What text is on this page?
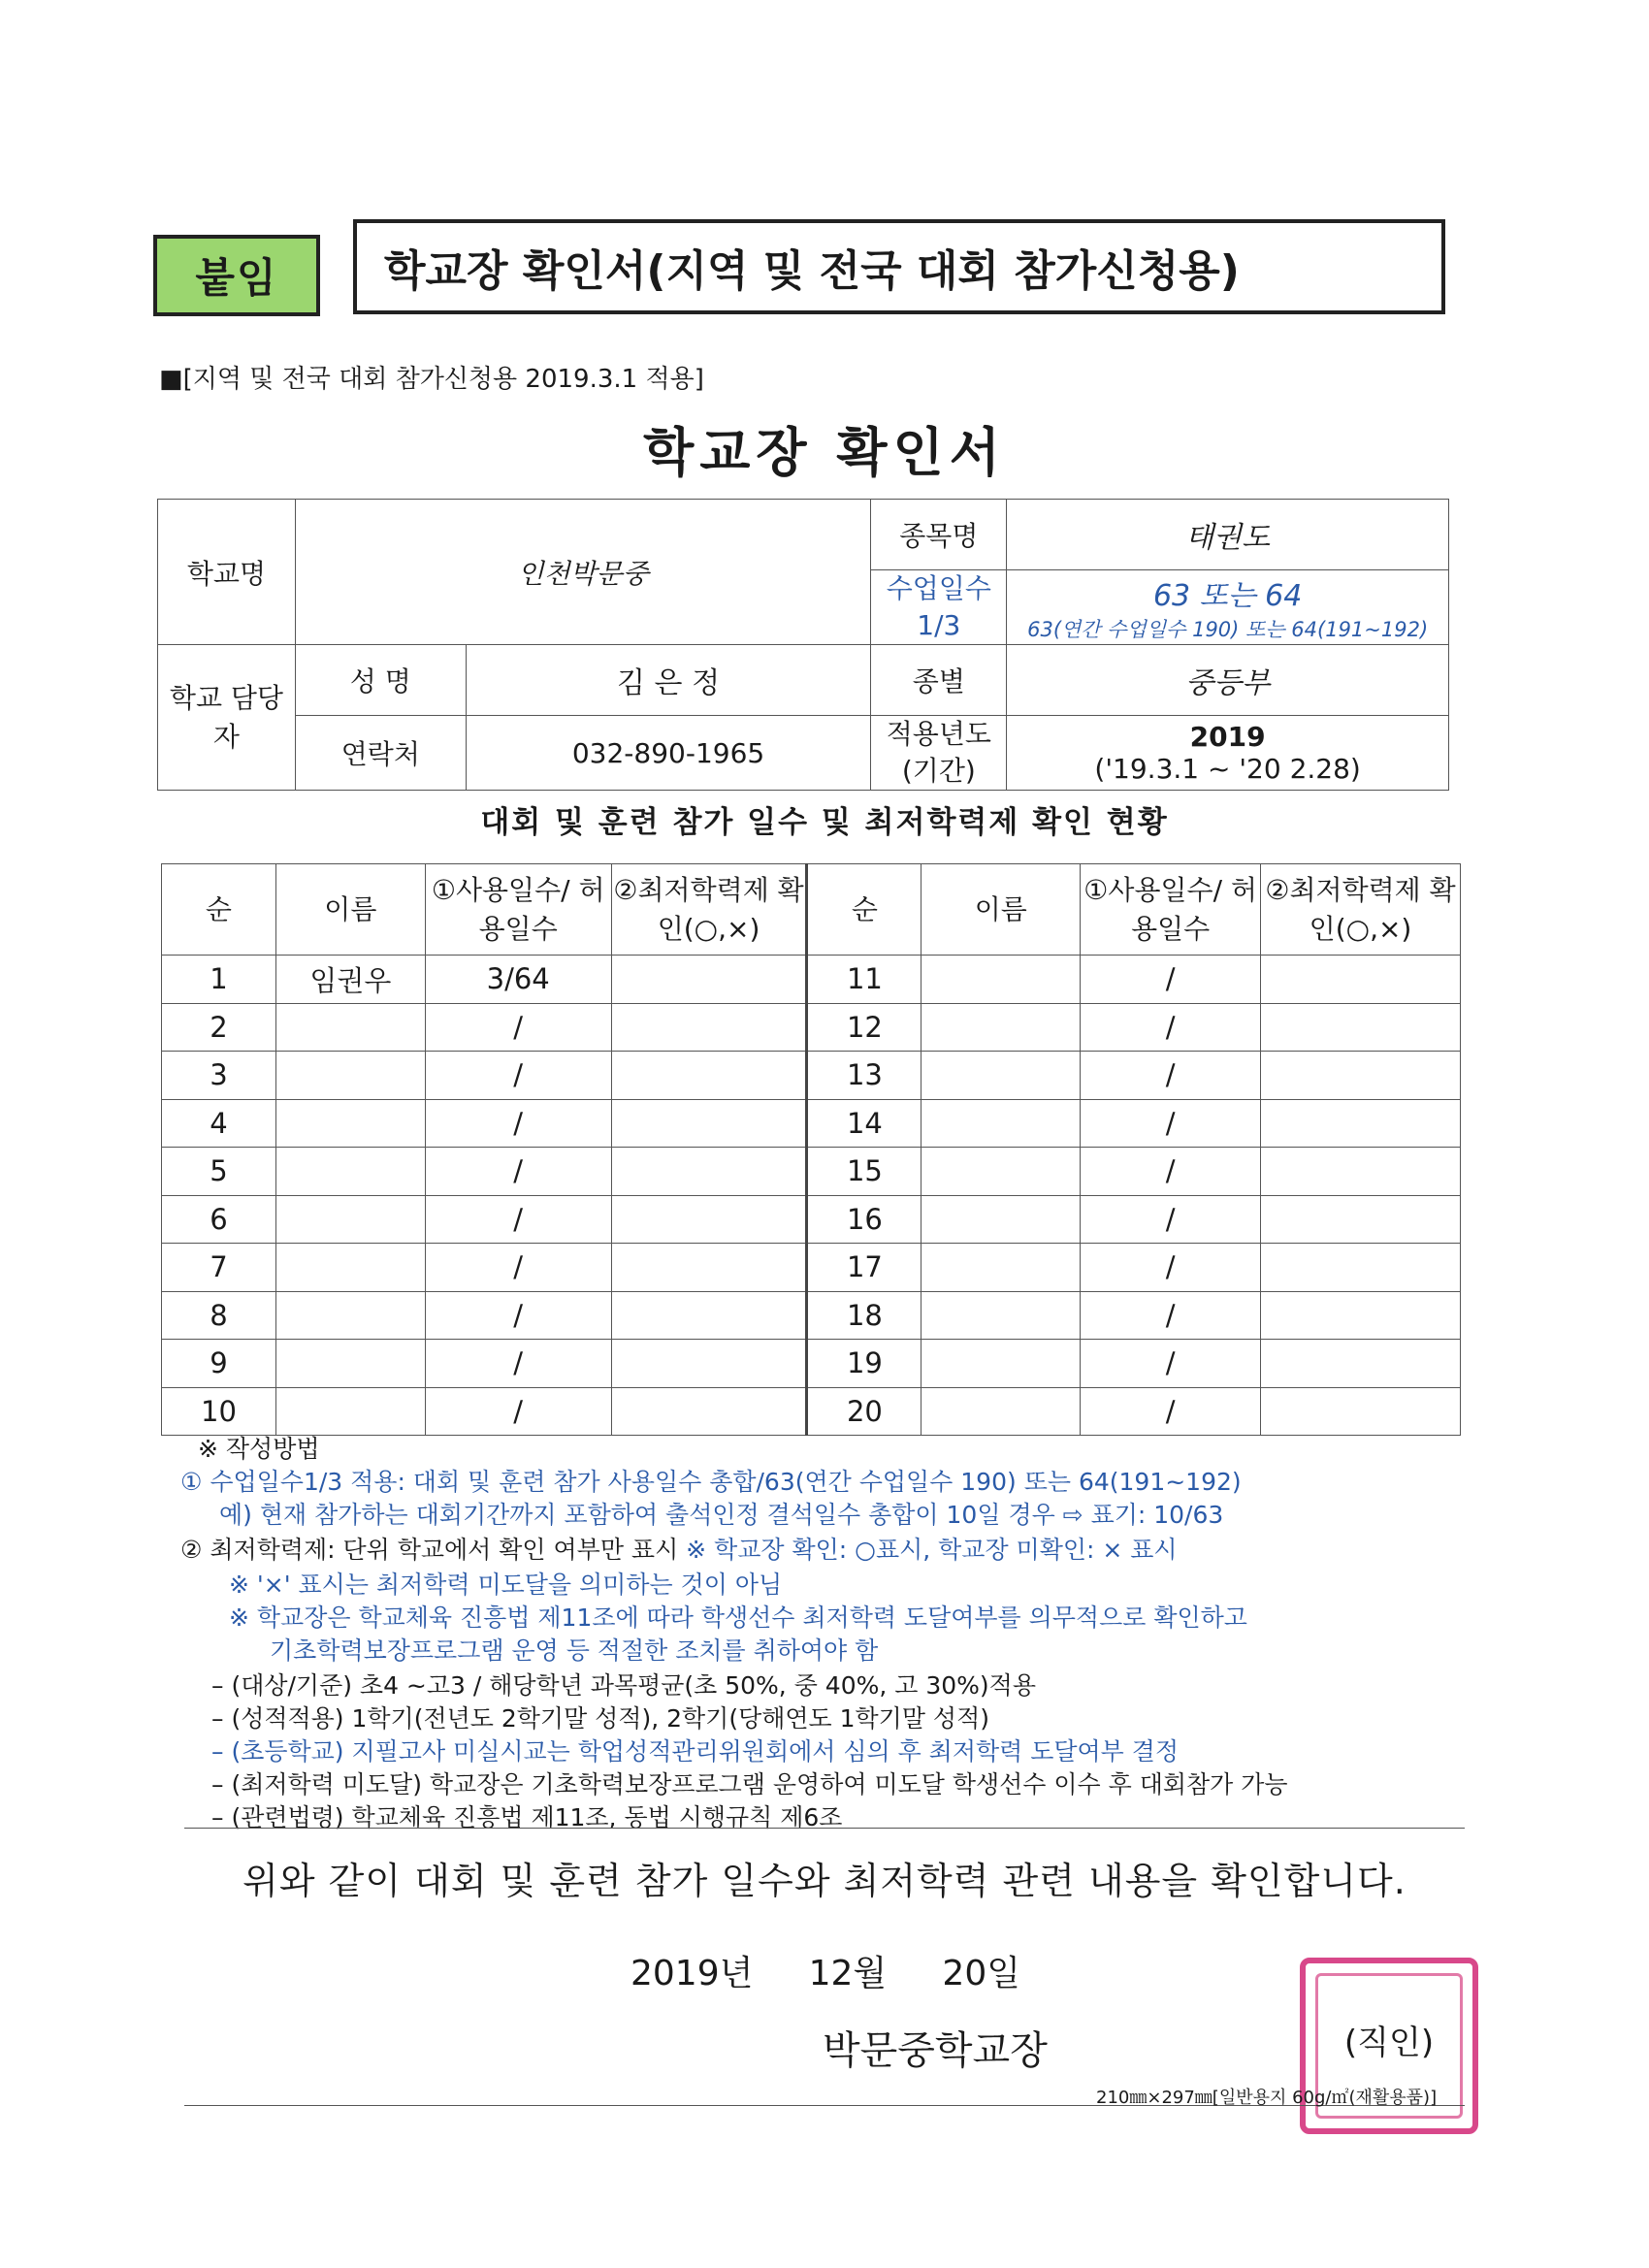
붙임	학교장 확인서(지역 및 전국 대회 참가신청용)
■[지역 및 전국 대회 참가신청용 2019.3.1 적용]
학교장 확인서
학교명	인천박문중		종목명	태권도
			수업일수 1/3	63 또는 64
63(연간 수업일수 190) 또는 64(191~192)

학교 담당자	성 명	김 은 정	종별	중등부
	연락처	032-890-1965	적용년도 (기간)	2019
('19.3.1 ~ '20 2.28)
대회 및 훈련 참가 일수 및 최저학력제 확인 현황
순	이름	①사용일수/ 허용일수	②최저학력제 확인(○,×)	순	이름	①사용일수/ 허용일수	②최저학력제 확인(○,×)
1	임권우	3/64		11		/	
2		/		12		/	
3		/		13		/	
4		/		14		/	
5		/		15		/	
6		/		16		/	
7		/		17		/	
8		/		18		/	
9		/		19		/	
10		/		20		/	
※ 작성방법
① 수업일수1/3 적용: 대회 및 훈련 참가 사용일수 총합/63(연간 수업일수 190) 또는 64(191~192)
예) 현재 참가하는 대회기간까지 포함하여 출석인정 결석일수 총합이 10일 경우 ⇨ 표기: 10/63
② 최저학력제: 단위 학교에서 확인 여부만 표시 ※ 학교장 확인: ○표시, 학교장 미확인: × 표시
※ '×' 표시는 최저학력 미도달을 의미하는 것이 아님
※ 학교장은 학교체육 진흥법 제11조에 따라 학생선수 최저학력 도달여부를 의무적으로 확인하고
기초학력보장프로그램 운영 등 적절한 조치를 취하여야 함
– (대상/기준) 초4 ~고3 / 해당학년 과목평균(초 50%, 중 40%, 고 30%)적용
– (성적적용) 1학기(전년도 2학기말 성적), 2학기(당해연도 1학기말 성적)
– (초등학교) 지필고사 미실시교는 학업성적관리위원회에서 심의 후 최저학력 도달여부 결정
– (최저학력 미도달) 학교장은 기초학력보장프로그램 운영하여 미도달 학생선수 이수 후 대회참가 가능
– (관련법령) 학교체육 진흥법 제11조, 동법 시행규칙 제6조
위와 같이 대회 및 훈련 참가 일수와 최저학력 관련 내용을 확인합니다.
2019년     12월     20일
박문중학교장	(직인)
210㎜×297㎜[일반용지 60g/㎡(재활용품)]
